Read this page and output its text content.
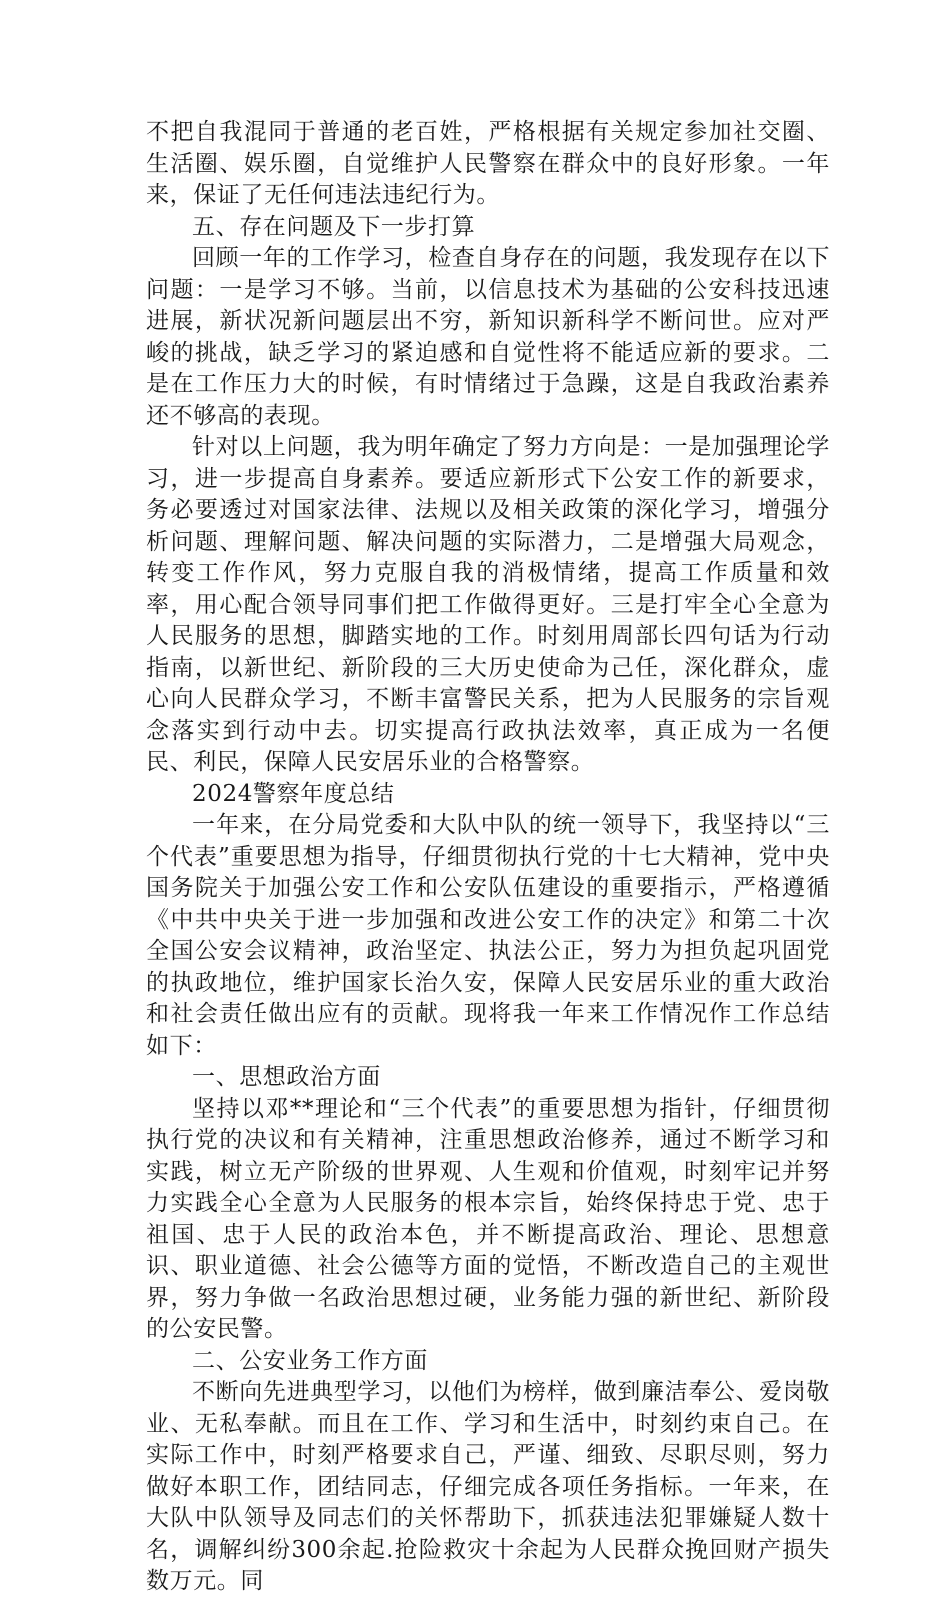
不把自我混同于普通的老百姓，严格根据有关规定参加社交圈、生活圈、娱乐圈，自觉维护人民警察在群众中的良好形象。一年来，保证了无任何违法违纪行为。

五、存在问题及下一步打算

回顾一年的工作学习，检查自身存在的问题，我发现存在以下问题：一是学习不够。当前，以信息技术为基础的公安科技迅速进展，新状况新问题层出不穷，新知识新科学不断问世。应对严峻的挑战，缺乏学习的紧迫感和自觉性将不能适应新的要求。二是在工作压力大的时候，有时情绪过于急躁，这是自我政治素养还不够高的表现。

针对以上问题，我为明年确定了努力方向是：一是加强理论学习，进一步提高自身素养。要适应新形式下公安工作的新要求，务必要透过对国家法律、法规以及相关政策的深化学习，增强分析问题、理解问题、解决问题的实际潜力，二是增强大局观念，转变工作作风，努力克服自我的消极情绪，提高工作质量和效率，用心配合领导同事们把工作做得更好。三是打牢全心全意为人民服务的思想，脚踏实地的工作。时刻用周部长四句话为行动指南，以新世纪、新阶段的三大历史使命为己任，深化群众，虚心向人民群众学习，不断丰富警民关系，把为人民服务的宗旨观念落实到行动中去。切实提高行政执法效率，真正成为一名便民、利民，保障人民安居乐业的合格警察。

2024警察年度总结

一年来，在分局党委和大队中队的统一领导下，我坚持以“三个代表”重要思想为指导，仔细贯彻执行党的十七大精神，党中央国务院关于加强公安工作和公安队伍建设的重要指示，严格遵循《中共中央关于进一步加强和改进公安工作的决定》和第二十次全国公安会议精神，政治坚定、执法公正，努力为担负起巩固党的执政地位，维护国家长治久安，保障人民安居乐业的重大政治和社会责任做出应有的贡献。现将我一年来工作情况作工作总结如下：

一、思想政治方面

坚持以邓**理论和“三个代表”的重要思想为指针，仔细贯彻执行党的决议和有关精神，注重思想政治修养，通过不断学习和实践，树立无产阶级的世界观、人生观和价值观，时刻牢记并努力实践全心全意为人民服务的根本宗旨，始终保持忠于党、忠于祖国、忠于人民的政治本色，并不断提高政治、理论、思想意识、职业道德、社会公德等方面的觉悟，不断改造自己的主观世界，努力争做一名政治思想过硬，业务能力强的新世纪、新阶段的公安民警。

二、公安业务工作方面

不断向先进典型学习，以他们为榜样，做到廉洁奉公、爱岗敬业、无私奉献。而且在工作、学习和生活中，时刻约束自己。在实际工作中，时刻严格要求自己，严谨、细致、尽职尽则，努力做好本职工作，团结同志，仔细完成各项任务指标。一年来，在大队中队领导及同志们的关怀帮助下，抓获违法犯罪嫌疑人数十名，调解纠纷300余起.抢险救灾十余起为人民群众挽回财产损失数万元。同
